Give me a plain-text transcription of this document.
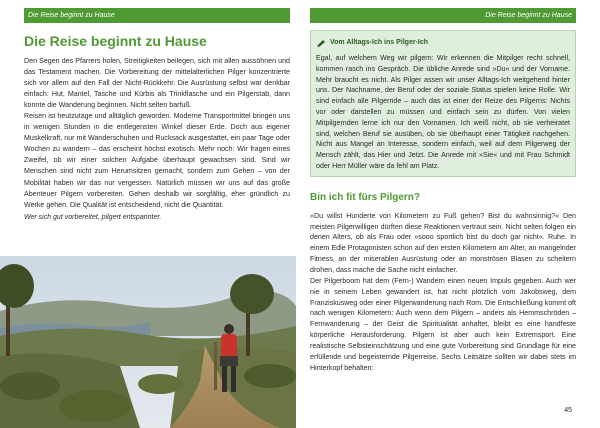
Die Reise beginnt zu Hause	Die Reise beginnt zu Hause
Die Reise beginnt zu Hause

Den Segen des Pfarrers holen, Streitigkeiten beilegen, sich mit allen aussöhnen und das Testament machen. Die Vorbereitung der mittelalterlichen Pilger konzentrierte sich vor allem auf den Fall der Nicht-Rückkehr. Die Ausrüstung selbst war denkbar einfach: Hut, Mantel, Tasche und Kürbis als Trinkflasche und ein Pilgerstab, dann konnte die Wanderung beginnen. Nicht selten barfuß.

Reisen ist heutzutage und alltäglich geworden. Moderne Transportmittel bringen uns in wenigen Stunden in die entlegensten Winkel dieser Erde. Doch aus eigener Muskelkraft, nur mit Wanderschuhen und Rucksack ausgestattet, ein paar Tage oder Wochen zu wandern – das erscheint höchst exotisch. Mehr noch: Wir fragen eines Zweifel, ob wir einer solchen Aufgabe überhaupt gewachsen sind. Sind wir Menschen sind nicht zum Herumsitzen gemacht, sondern zum Gehen – von der Mobilität haben wir das nur vergessen. Natürlich müssen wir uns auf das große Abenteuer Pilgern vorbereiten. Gehen deshalb wir sorgfältig, eher gründlich zu Werke gehen. Die Qualität ist entscheidend, nicht die Quantität.

Wer sich gut vorbereitet, pilgert entspannter.
Vom Alltags-Ich ins Pilger-Ich

Egal, auf welchem Weg wir pilgern: Wir erkennen die Mitpilger recht schnell, kommen rasch ins Gespräch. Die übliche Anrede sind »Du« und der Vorname. Mehr braucht es nicht. Als Pilger assen wir unser Alltags-Ich weitgehend hinter uns. Der Nachname, der Beruf oder der soziale Status spielen keine Rolle. Wir sind einfach alle Pilgernde – auch das ist einer der Reize des Pilgerns: Nichts vor oder darstellen zu müssen und einfach sein zu dürfen. Von vielen Mitpilgernden lerne ich nur den Vornamen. Ich weiß nicht, ob sie verheiratet sind, welchen Beruf sie ausüben, ob sie überhaupt einer Tätigkeit nachgehen. Nicht aus Mangel an Interesse, sondern einfach, weil auf dem Pilgerweg der Mensch zählt, das Hier und Jetzt. Die Anrede mit »Sie« und mit Frau Schmidt oder Herr Müller wäre da fehl am Platz.

Bin ich fit fürs Pilgern?

»Du willst Hunderte von Kilometern zu Fuß gehen? Bist du wahnsinnig?« Den meisten Pilgerwilligen dürften diese Reaktionen vertraut sein. Nicht selten folgen ein denen Alters, ob als Frau oder »sooo sportlich bist du doch gar nicht«. Ruhe. In einem Edle Protagonisten schon auf den ersten Kilometern am Alter, an mangelnder Fitness, an der miserablen Ausrüstung oder an monströsen Blasen zu scheitern drohen, dass mache die Sache nicht einfacher.

Der Pilgerboom hat dem (Fern-) Wandern einen neuen Impuls gegeben. Auch wer nie in seinem Leben gewandert ist, hat nicht plötzlich vom Jakobsweg, dem Franziskusweg oder einer Pilgerwanderung nach Rom. Die Entschließung kommt oft nach wenigen Kilometern: Auch wenn dem Pilgern – anders als Hemmschröden – Fernwanderung – der Geist die Spiritualität anhaftet, bleibt es eine handfeste körperliche Herausforderung. Pilgern ist aber auch kein Extremsport. Eine realistische Selbsteinschätzung und eine gute Vorbereitung sind Grundlage für eine erfüllende und begeisternde Pilgerreise. Sechs Leitsätze sollten wir dabei stets im Hinterkopf behalten:

45
